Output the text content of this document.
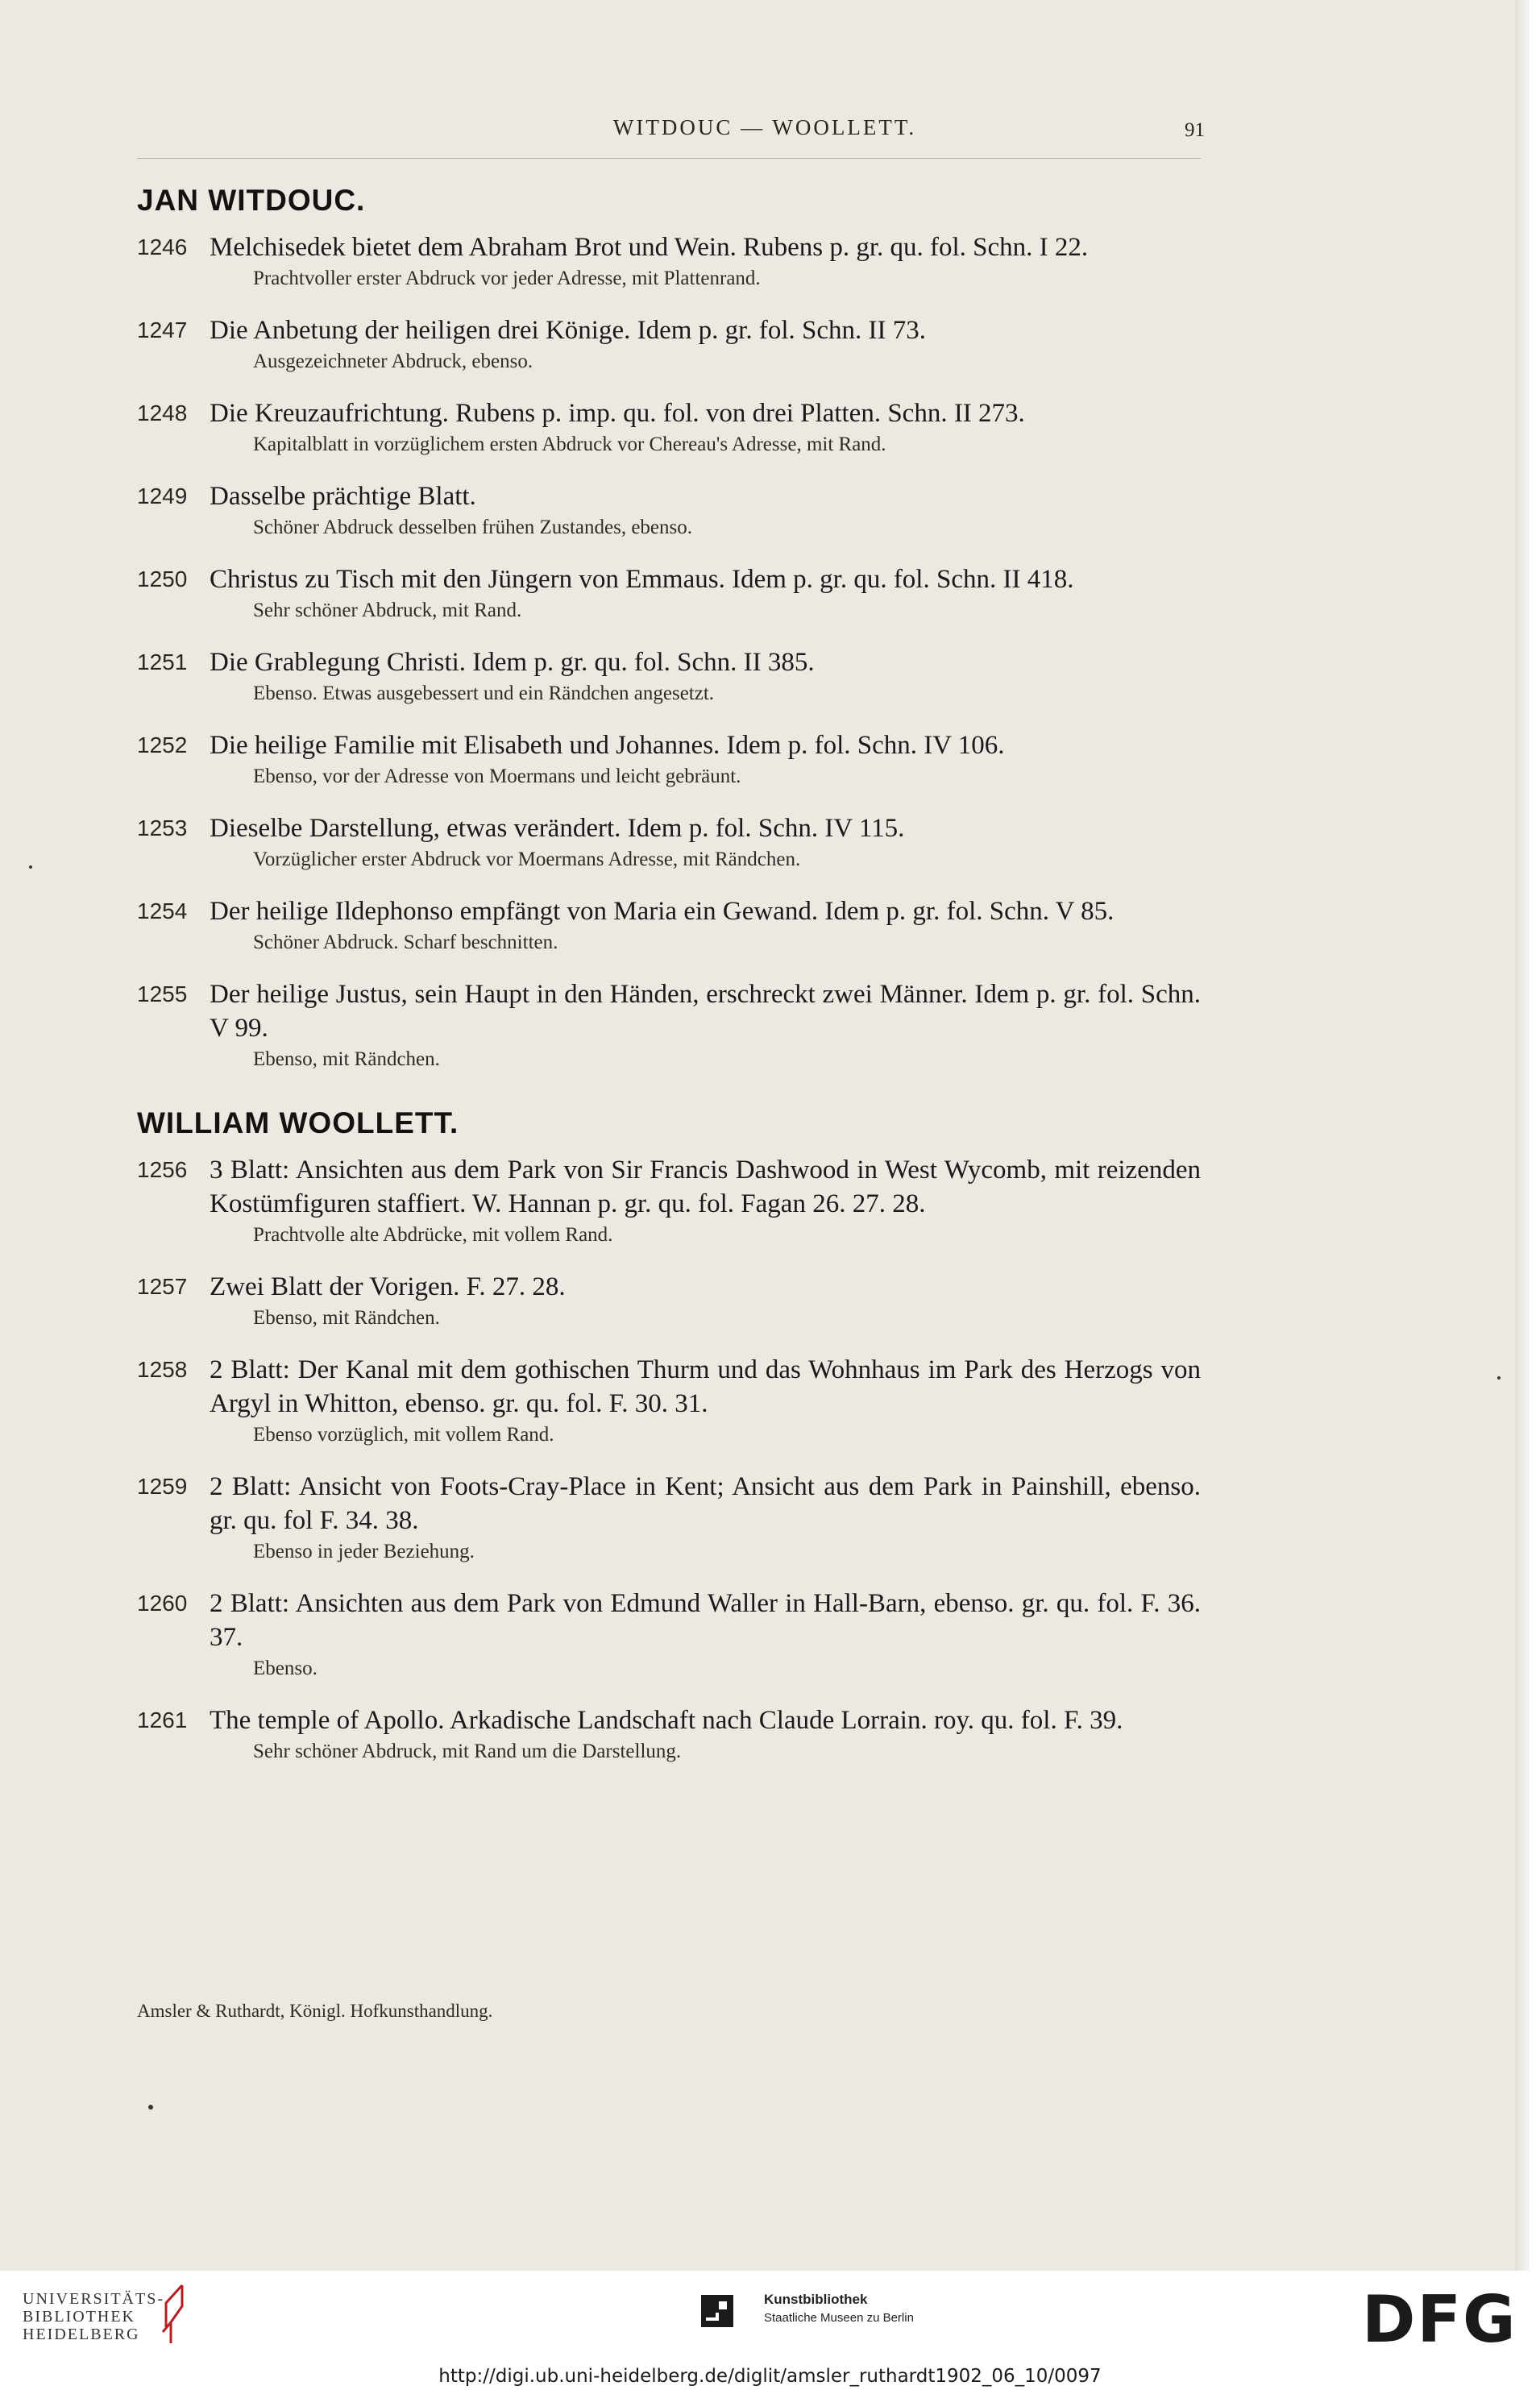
WITDOUC — WOOLLETT.	91
JAN WITDOUC.
1246 Melchisedek bietet dem Abraham Brot und Wein. Rubens p. gr. qu. fol. Schn. I 22.
Prachtvoller erster Abdruck vor jeder Adresse, mit Plattenrand.
1247 Die Anbetung der heiligen drei Könige. Idem p. gr. fol. Schn. II 73.
Ausgezeichneter Abdruck, ebenso.
1248 Die Kreuzaufrichtung. Rubens p. imp. qu. fol. von drei Platten. Schn. II 273.
Kapitalblatt in vorzüglichem ersten Abdruck vor Chereau's Adresse, mit Rand.
1249 Dasselbe prächtige Blatt.
Schöner Abdruck desselben frühen Zustandes, ebenso.
1250 Christus zu Tisch mit den Jüngern von Emmaus. Idem p. gr. qu. fol. Schn. II 418.
Sehr schöner Abdruck, mit Rand.
1251 Die Grablegung Christi. Idem p. gr. qu. fol. Schn. II 385.
Ebenso. Etwas ausgebessert und ein Rändchen angesetzt.
1252 Die heilige Familie mit Elisabeth und Johannes. Idem p. fol. Schn. IV 106.
Ebenso, vor der Adresse von Moermans und leicht gebräunt.
1253 Dieselbe Darstellung, etwas verändert. Idem p. fol. Schn. IV 115.
Vorzüglicher erster Abdruck vor Moermans Adresse, mit Rändchen.
1254 Der heilige Ildephonso empfängt von Maria ein Gewand. Idem p. gr. fol. Schn. V 85.
Schöner Abdruck. Scharf beschnitten.
1255 Der heilige Justus, sein Haupt in den Händen, erschreckt zwei Männer. Idem p. gr. fol. Schn. V 99.
Ebenso, mit Rändchen.
WILLIAM WOOLLETT.
1256 3 Blatt: Ansichten aus dem Park von Sir Francis Dashwood in West Wycomb, mit reizenden Kostümfiguren staffiert. W. Hannan p. gr. qu. fol. Fagan 26. 27. 28.
Prachtvolle alte Abdrücke, mit vollem Rand.
1257 Zwei Blatt der Vorigen. F. 27. 28.
Ebenso, mit Rändchen.
1258 2 Blatt: Der Kanal mit dem gothischen Thurm und das Wohnhaus im Park des Herzogs von Argyl in Whitton, ebenso. gr. qu. fol. F. 30. 31.
Ebenso vorzüglich, mit vollem Rand.
1259 2 Blatt: Ansicht von Foots-Cray-Place in Kent; Ansicht aus dem Park in Painshill, ebenso. gr. qu. fol F. 34. 38.
Ebenso in jeder Beziehung.
1260 2 Blatt: Ansichten aus dem Park von Edmund Waller in Hall-Barn, ebenso. gr. qu. fol. F. 36. 37.
Ebenso.
1261 The temple of Apollo. Arkadische Landschaft nach Claude Lorrain. roy. qu. fol. F. 39.
Sehr schöner Abdruck, mit Rand um die Darstellung.
Amsler & Ruthardt, Königl. Hofkunsthandlung.
UNIVERSITÄTS-
BIBLIOTHEK
HEIDELBERG
Kunstbibliothek
Staatliche Museen zu Berlin	DFG
http://digi.ub.uni-heidelberg.de/diglit/amsler_ruthardt1902_06_10/0097
